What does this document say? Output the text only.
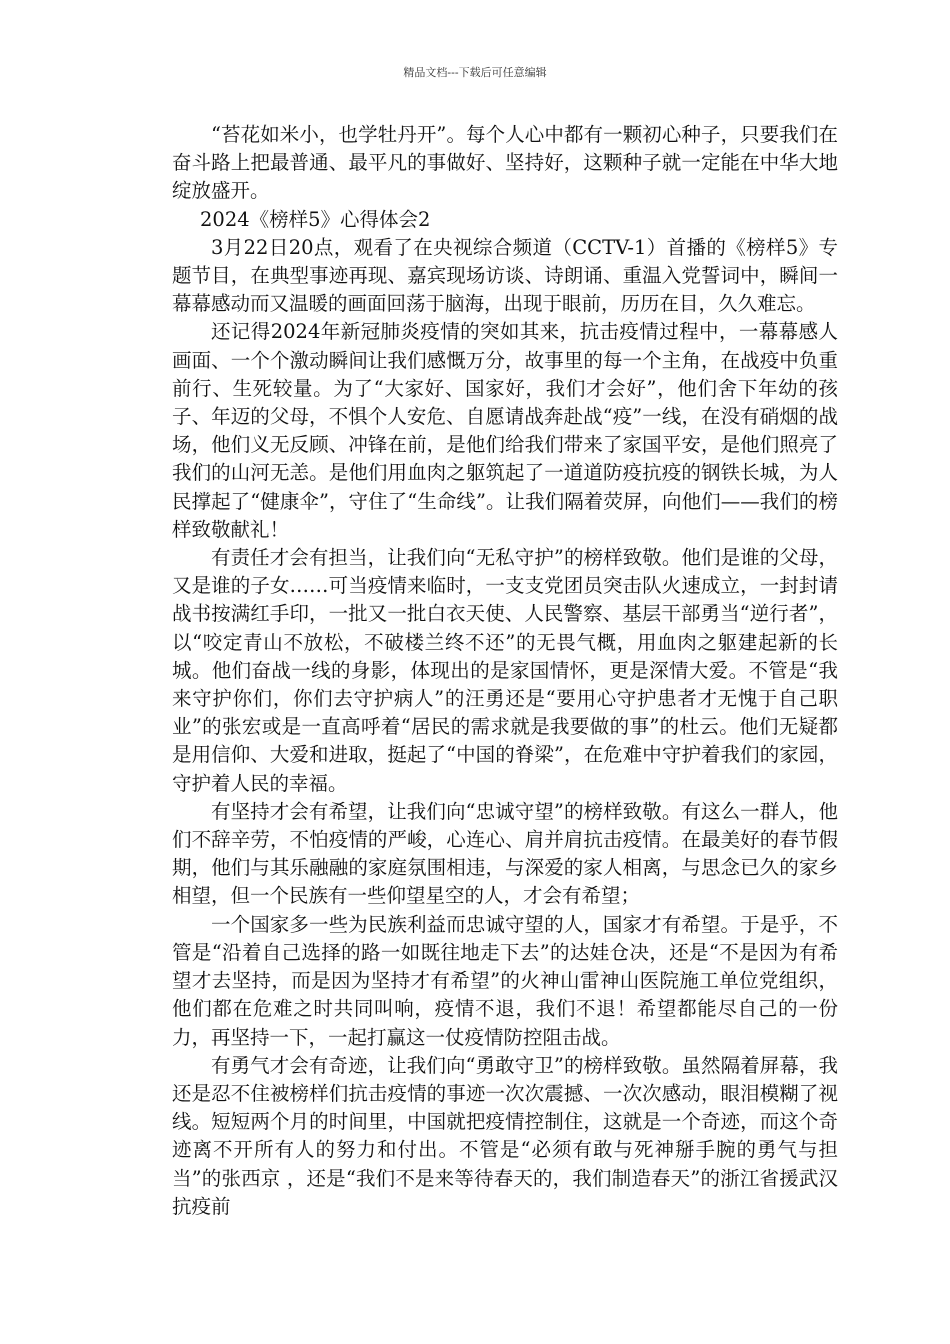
精品文档---下载后可任意编辑

“苔花如米小，也学牡丹开”。每个人心中都有一颗初心种子，只要我们在奋斗路上把最普通、最平凡的事做好、坚持好，这颗种子就一定能在中华大地绽放盛开。

2024《榜样5》心得体会2

3月22日20点，观看了在央视综合频道（CCTV-1）首播的《榜样5》专题节目，在典型事迹再现、嘉宾现场访谈、诗朗诵、重温入党誓词中，瞬间一幕幕感动而又温暖的画面回荡于脑海，出现于眼前，历历在目，久久难忘。

还记得2024年新冠肺炎疫情的突如其来，抗击疫情过程中，一幕幕感人画面、一个个激动瞬间让我们感慨万分，故事里的每一个主角，在战疫中负重前行、生死较量。为了“大家好、国家好，我们才会好”，他们舍下年幼的孩子、年迈的父母，不惧个人安危、自愿请战奔赴战“疫”一线，在没有硝烟的战场，他们义无反顾、冲锋在前，是他们给我们带来了家国平安，是他们照亮了我们的山河无恙。是他们用血肉之躯筑起了一道道防疫抗疫的钢铁长城，为人民撑起了“健康伞”，守住了“生命线”。让我们隔着荧屏，向他们——我们的榜样致敬献礼！

有责任才会有担当，让我们向“无私守护”的榜样致敬。他们是谁的父母，又是谁的子女……可当疫情来临时，一支支党团员突击队火速成立，一封封请战书按满红手印，一批又一批白衣天使、人民警察、基层干部勇当“逆行者”，以“咬定青山不放松，不破楼兰终不还”的无畏气概，用血肉之躯建起新的长城。他们奋战一线的身影，体现出的是家国情怀，更是深情大爱。不管是“我来守护你们，你们去守护病人”的汪勇还是“要用心守护患者才无愧于自己职业”的张宏或是一直高呼着“居民的需求就是我要做的事”的杜云。他们无疑都是用信仰、大爱和进取，挺起了“中国的脊梁”，在危难中守护着我们的家园，守护着人民的幸福。

有坚持才会有希望，让我们向“忠诚守望”的榜样致敬。有这么一群人，他们不辞辛劳，不怕疫情的严峻，心连心、肩并肩抗击疫情。在最美好的春节假期，他们与其乐融融的家庭氛围相违，与深爱的家人相离，与思念已久的家乡相望，但一个民族有一些仰望星空的人，才会有希望；

一个国家多一些为民族利益而忠诚守望的人，国家才有希望。于是乎，不管是“沿着自己选择的路一如既往地走下去”的达娃仓决，还是“不是因为有希望才去坚持，而是因为坚持才有希望”的火神山雷神山医院施工单位党组织，他们都在危难之时共同叫响，疫情不退，我们不退！希望都能尽自己的一份力，再坚持一下，一起打赢这一仗疫情防控阻击战。

有勇气才会有奇迹，让我们向“勇敢守卫”的榜样致敬。虽然隔着屏幕，我还是忍不住被榜样们抗击疫情的事迹一次次震撼、一次次感动，眼泪模糊了视线。短短两个月的时间里，中国就把疫情控制住，这就是一个奇迹，而这个奇迹离不开所有人的努力和付出。不管是“必须有敢与死神掰手腕的勇气与担当”的张西京 ，还是“我们不是来等待春天的，我们制造春天”的浙江省援武汉抗疫前
